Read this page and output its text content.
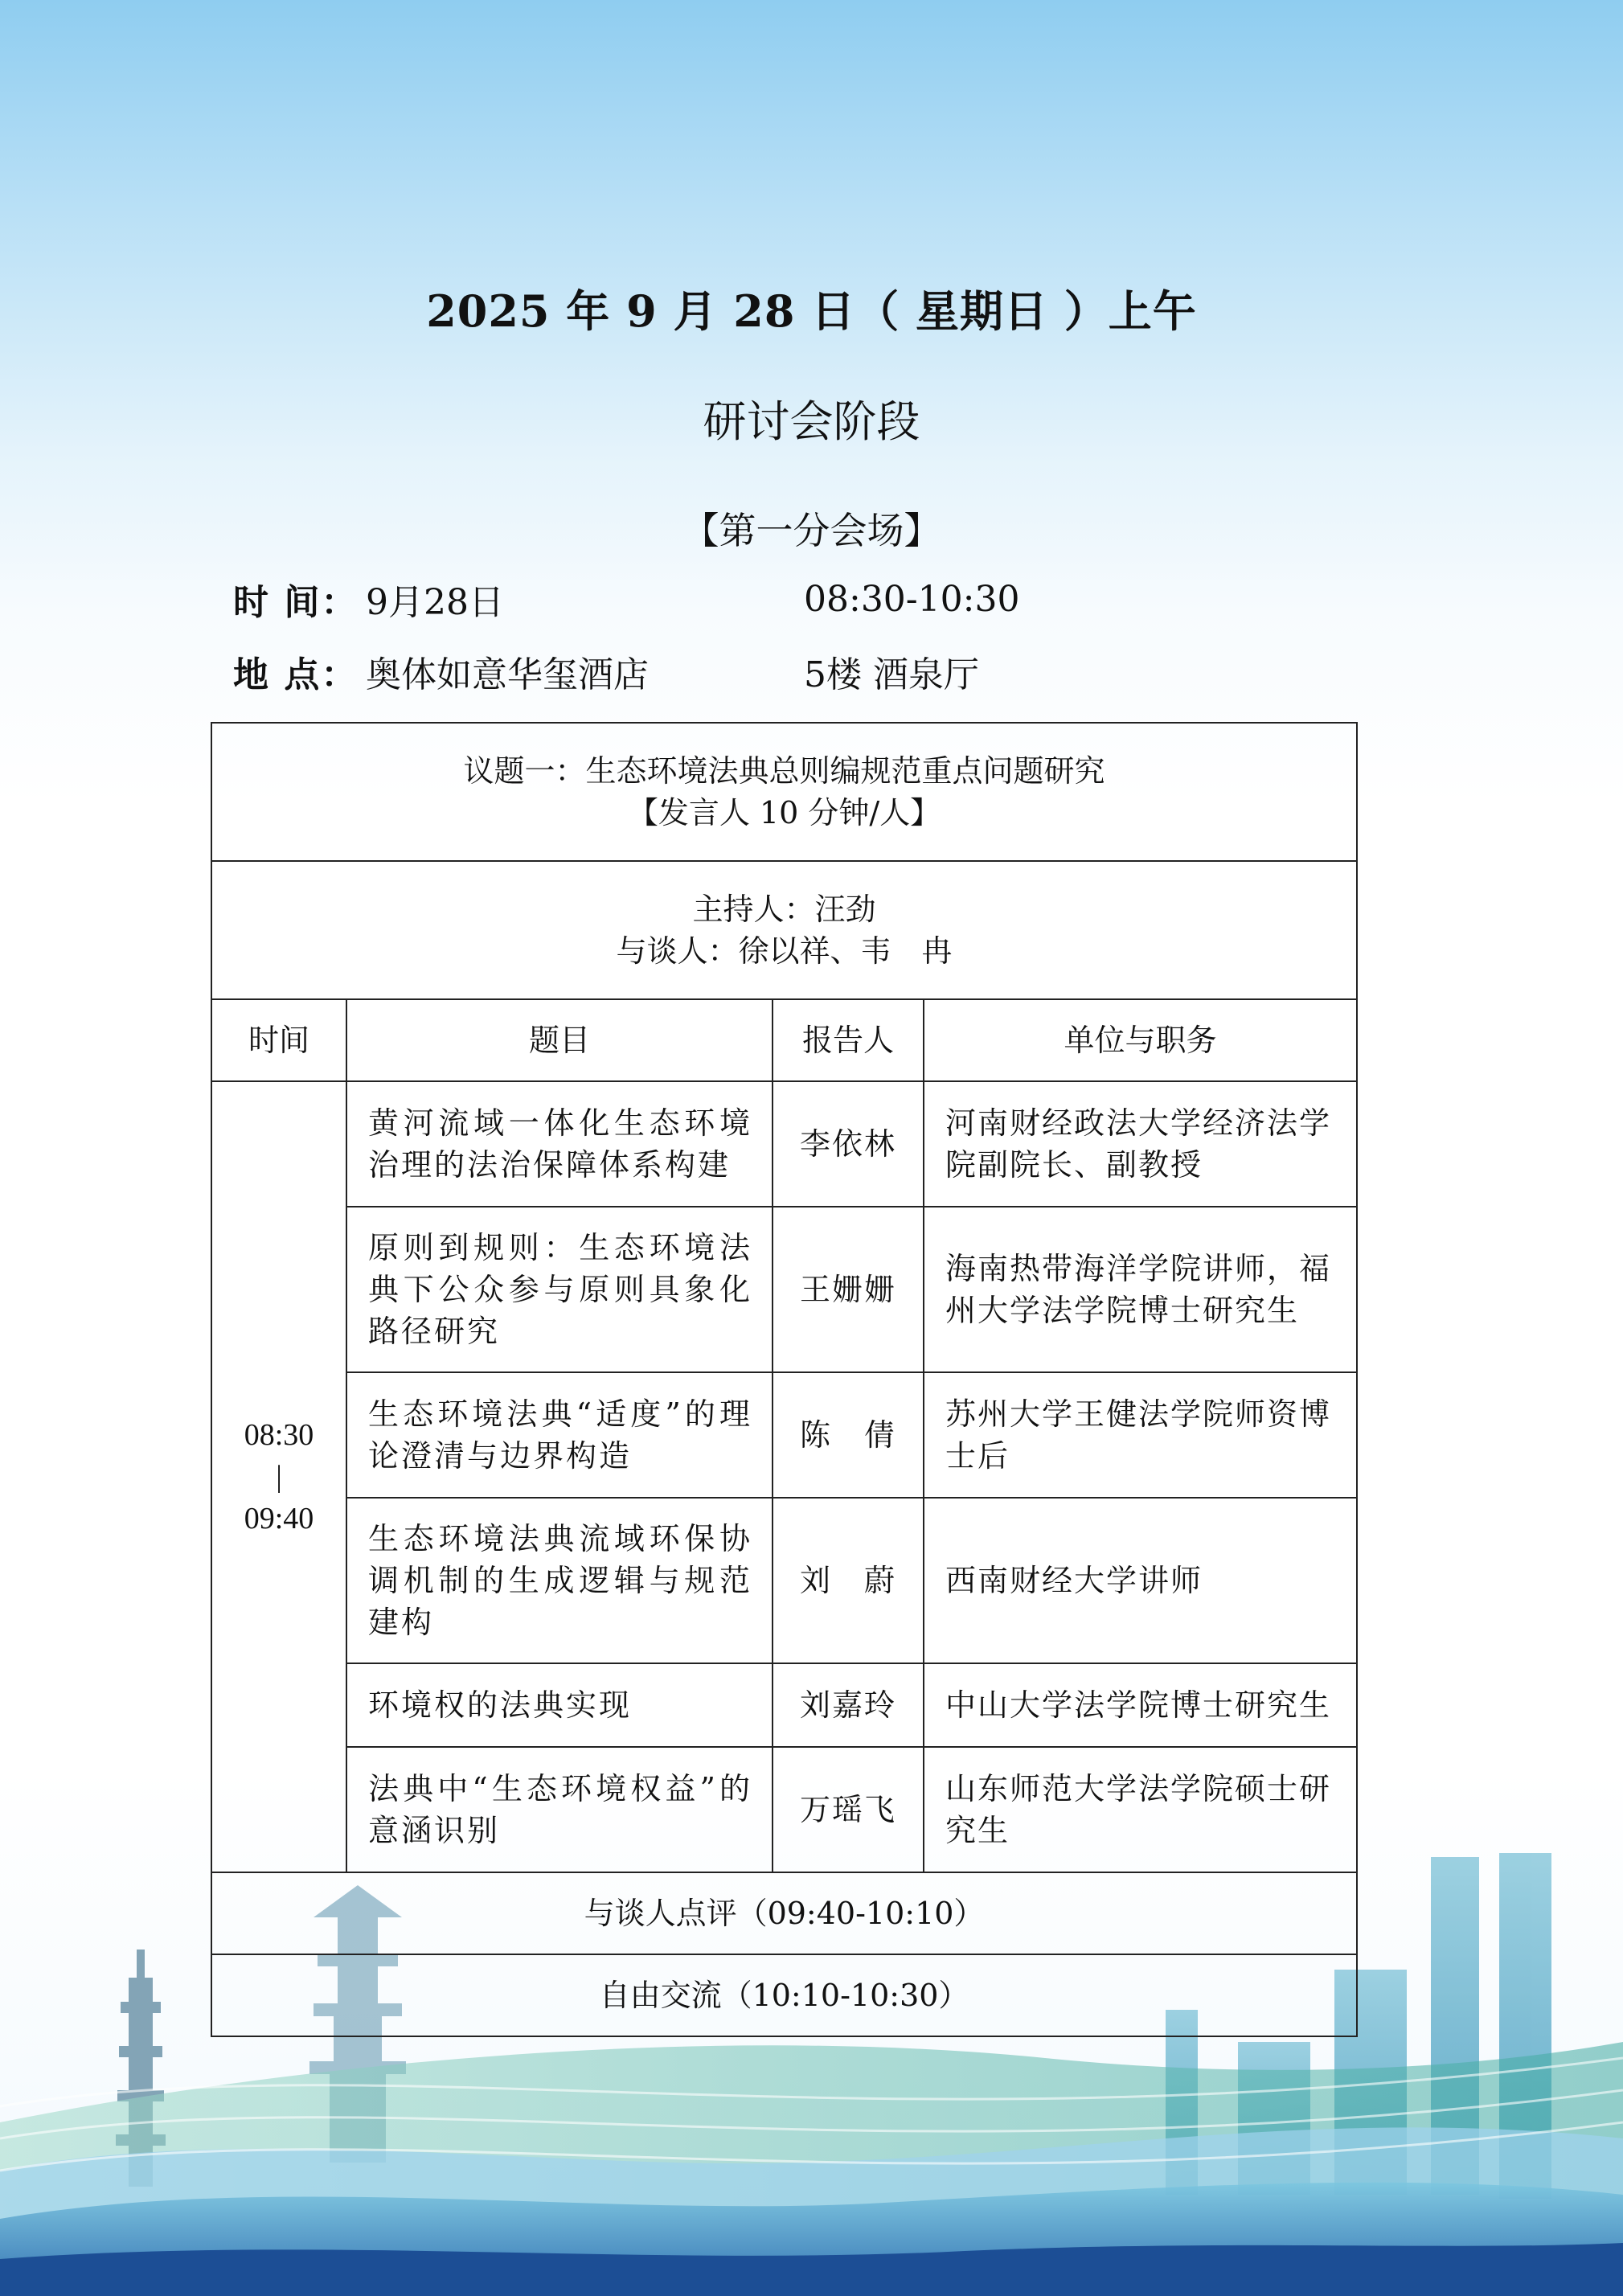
2025 年 9 月 28 日（ 星期日 ）上午
研讨会阶段
【第一分会场】
时 间： 9月28日	08:30-10:30
地 点： 奥体如意华玺酒店	5楼 酒泉厅
议题一：生态环境法典总则编规范重点问题研究
【发言人 10 分钟/人】			

主持人：汪劲
与谈人：徐以祥、韦　冉			

时间	题目	报告人	单位与职务

08:30
|
09:40	黄河流域一体化生态环境治理的法治保障体系构建	李依林	河南财经政法大学经济法学院副院长、副教授
	原则到规则：生态环境法典下公众参与原则具象化路径研究	王姗姗	海南热带海洋学院讲师，福州大学法学院博士研究生
	生态环境法典“适度”的理论澄清与边界构造	陈　倩	苏州大学王健法学院师资博士后
	生态环境法典流域环保协调机制的生成逻辑与规范建构	刘　蔚	西南财经大学讲师
	环境权的法典实现	刘嘉玲	中山大学法学院博士研究生
	法典中“生态环境权益”的意涵识别	万瑶飞	山东师范大学法学院硕士研究生
与谈人点评（09:40-10:10）			
自由交流（10:10-10:30）			
